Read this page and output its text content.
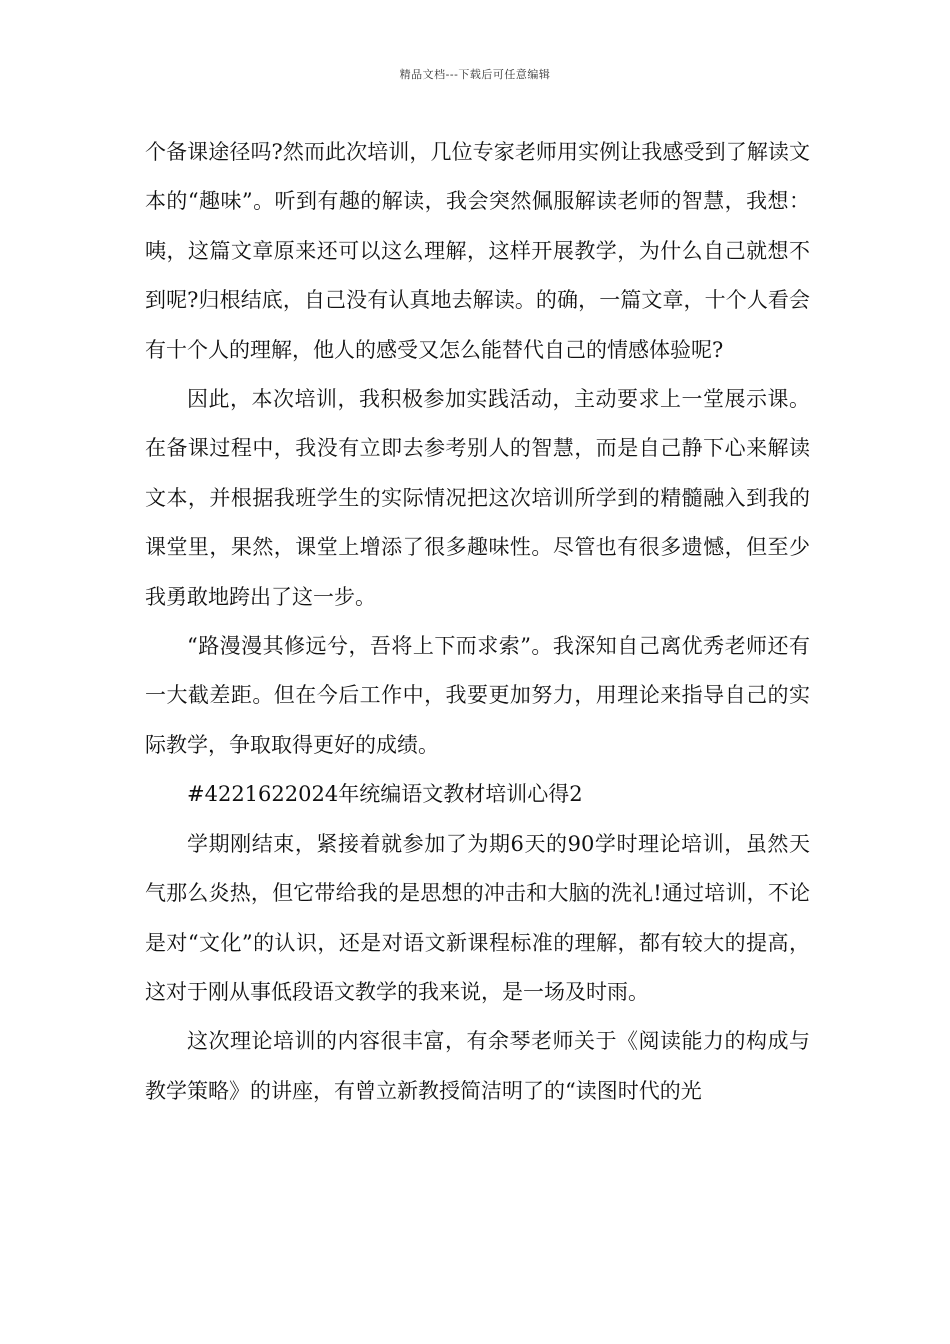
精品文档---下载后可任意编辑

个备课途径吗?然而此次培训，几位专家老师用实例让我感受到了解读文本的“趣味”。听到有趣的解读，我会突然佩服解读老师的智慧，我想：咦，这篇文章原来还可以这么理解，这样开展教学，为什么自己就想不到呢?归根结底，自己没有认真地去解读。的确，一篇文章，十个人看会有十个人的理解，他人的感受又怎么能替代自己的情感体验呢?

因此，本次培训，我积极参加实践活动，主动要求上一堂展示课。在备课过程中，我没有立即去参考别人的智慧，而是自己静下心来解读文本，并根据我班学生的实际情况把这次培训所学到的精髓融入到我的课堂里，果然，课堂上增添了很多趣味性。尽管也有很多遗憾，但至少我勇敢地跨出了这一步。

“路漫漫其修远兮，吾将上下而求索”。我深知自己离优秀老师还有一大截差距。但在今后工作中，我要更加努力，用理论来指导自己的实际教学，争取取得更好的成绩。

#4221622024年统编语文教材培训心得2

学期刚结束，紧接着就参加了为期6天的90学时理论培训，虽然天气那么炎热，但它带给我的是思想的冲击和大脑的洗礼!通过培训，不论是对“文化”的认识，还是对语文新课程标准的理解，都有较大的提高，这对于刚从事低段语文教学的我来说，是一场及时雨。

这次理论培训的内容很丰富，有余琴老师关于《阅读能力的构成与教学策略》的讲座，有曾立新教授简洁明了的“读图时代的光
